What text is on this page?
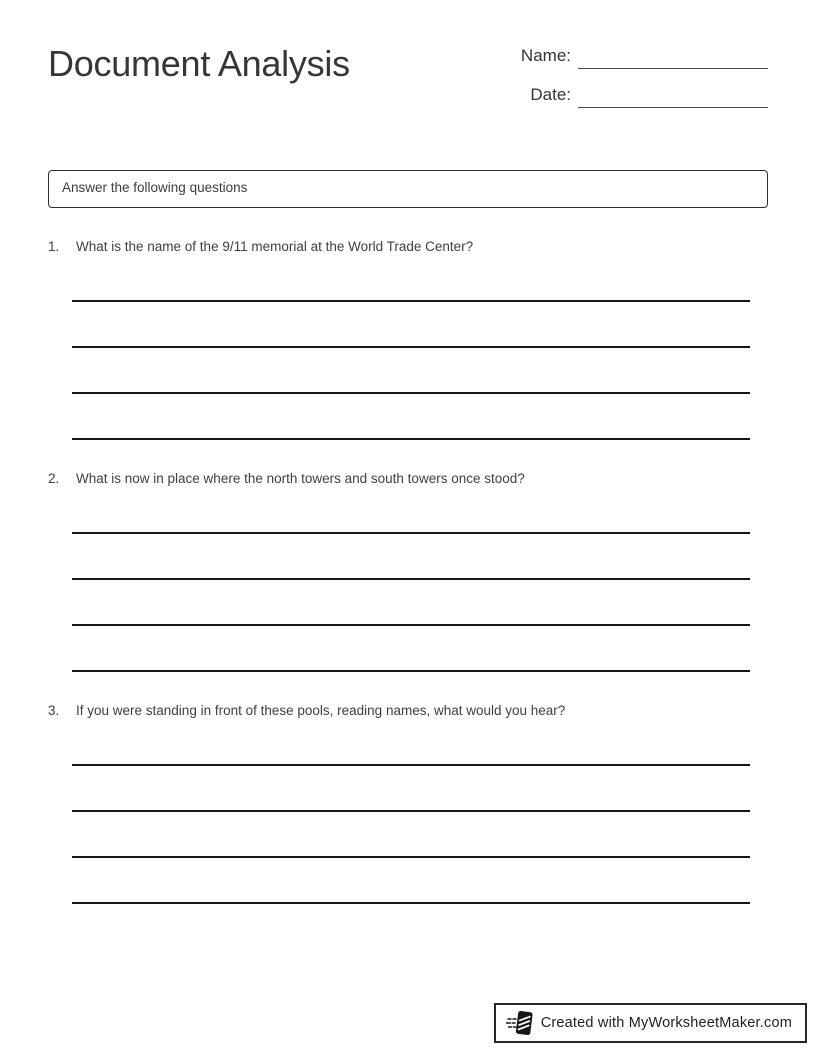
Document Analysis	Name:
Date:
Answer the following questions
1.	What is the name of the 9/11 memorial at the World Trade Center?
2.	What is now in place where the north towers and south towers once stood?
3.	If you were standing in front of these pools, reading names, what would you hear?
Created with MyWorksheetMaker.com
